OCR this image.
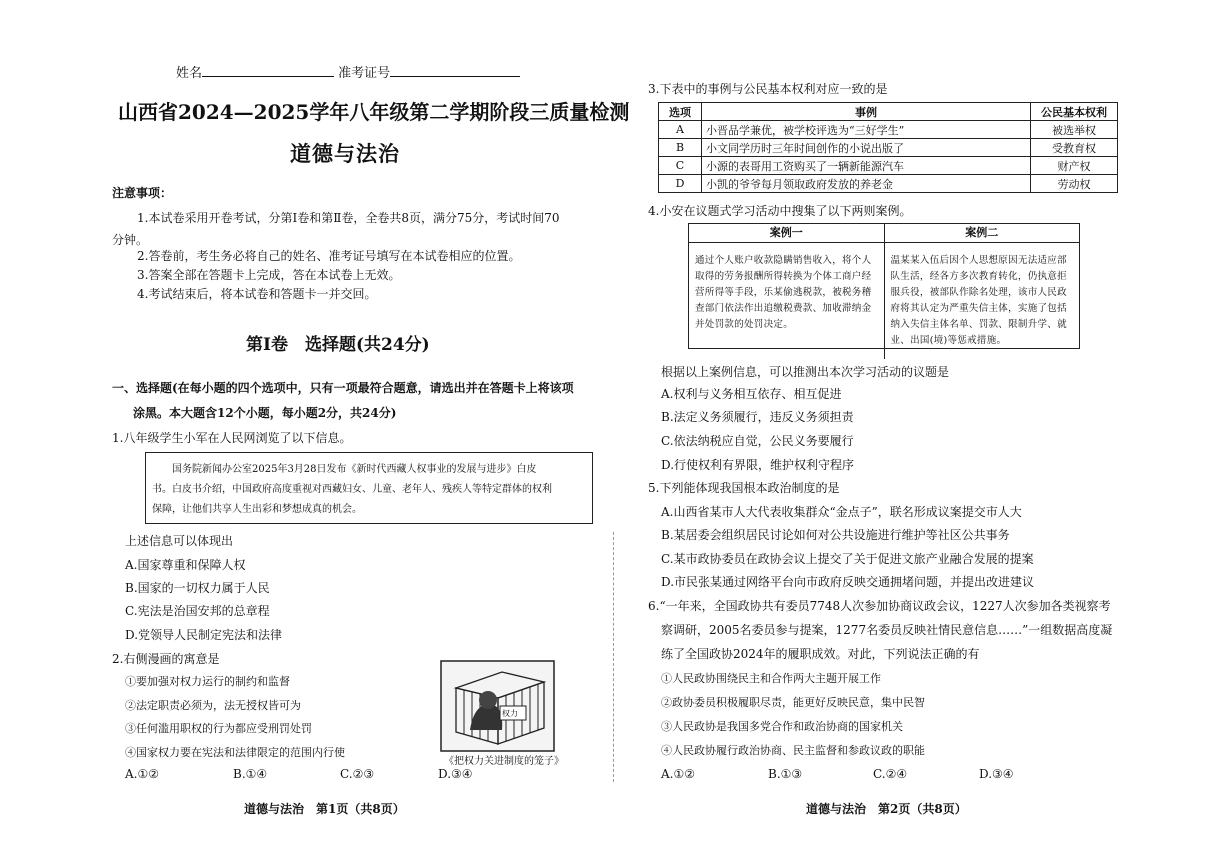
姓名	准考证号
山西省2024—2025学年八年级第二学期阶段三质量检测
道德与法治
注意事项：
1.本试卷采用开卷考试，分第Ⅰ卷和第Ⅱ卷，全卷共8页，满分75分，考试时间70
分钟。
2.答卷前，考生务必将自己的姓名、准考证号填写在本试卷相应的位置。
3.答案全部在答题卡上完成，答在本试卷上无效。
4.考试结束后，将本试卷和答题卡一并交回。
第Ⅰ卷　选择题(共24分)
一、选择题(在每小题的四个选项中，只有一项最符合题意，请选出并在答题卡上将该项
涂黑。本大题含12个小题，每小题2分，共24分)
1.八年级学生小军在人民网浏览了以下信息。
国务院新闻办公室2025年3月28日发布《新时代西藏人权事业的发展与进步》白皮
书。白皮书介绍，中国政府高度重视对西藏妇女、儿童、老年人、残疾人等特定群体的权利
保障，让他们共享人生出彩和梦想成真的机会。
上述信息可以体现出
A.国家尊重和保障人权
B.国家的一切权力属于人民
C.宪法是治国安邦的总章程
D.党领导人民制定宪法和法律
2.右侧漫画的寓意是
①要加强对权力运行的制约和监督
②法定职责必须为，法无授权皆可为
③任何滥用职权的行为都应受刑罚处罚
④国家权力要在宪法和法律限定的范围内行使
A.①②	B.①④	C.②③	D.③④
权力
《把权力关进制度的笼子》
道德与法治　第1页（共8页）
3.下表中的事例与公民基本权利对应一致的是
选项	事例	公民基本权利
A	小晋品学兼优，被学校评选为“三好学生”	被选举权
B	小文同学历时三年时间创作的小说出版了	受教育权
C	小源的表哥用工资购买了一辆新能源汽车	财产权
D	小凯的爷爷每月领取政府发放的养老金	劳动权
4.小安在议题式学习活动中搜集了以下两则案例。
案例一	案例二
通过个人账户收款隐瞒销售收入，将个人取得的劳务报酬所得转换为个体工商户经营所得等手段，乐某偷逃税款，被税务稽查部门依法作出追缴税费款、加收滞纳金并处罚款的处罚决定。
温某某入伍后因个人思想原因无法适应部队生活，经各方多次教育转化，仍执意拒服兵役，被部队作除名处理，该市人民政府将其认定为严重失信主体，实施了包括纳入失信主体名单、罚款、限制升学、就业、出国(境)等惩戒措施。
根据以上案例信息，可以推测出本次学习活动的议题是
A.权利与义务相互依存、相互促进
B.法定义务须履行，违反义务须担责
C.依法纳税应自觉，公民义务要履行
D.行使权利有界限，维护权利守程序
5.下列能体现我国根本政治制度的是
A.山西省某市人大代表收集群众“金点子”，联名形成议案提交市人大
B.某居委会组织居民讨论如何对公共设施进行维护等社区公共事务
C.某市政协委员在政协会议上提交了关于促进文旅产业融合发展的提案
D.市民张某通过网络平台向市政府反映交通拥堵问题，并提出改进建议
6.“一年来，全国政协共有委员7748人次参加协商议政会议，1227人次参加各类视察考
察调研，2005名委员参与提案，1277名委员反映社情民意信息……”一组数据高度凝
练了全国政协2024年的履职成效。对此，下列说法正确的有
①人民政协围绕民主和合作两大主题开展工作
②政协委员积极履职尽责，能更好反映民意，集中民智
③人民政协是我国多党合作和政治协商的国家机关
④人民政协履行政治协商、民主监督和参政议政的职能
A.①②	B.①③	C.②④	D.③④
道德与法治　第2页（共8页）
